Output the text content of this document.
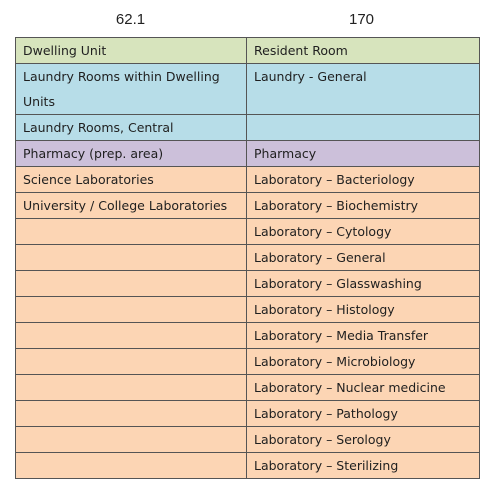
62.1	170
Dwelling Unit	Resident Room
Laundry Rooms within Dwelling Units	Laundry - General
Laundry Rooms, Central	
Pharmacy (prep. area)	Pharmacy
Science Laboratories	Laboratory – Bacteriology
University / College Laboratories	Laboratory – Biochemistry
	Laboratory – Cytology
	Laboratory – General
	Laboratory – Glasswashing
	Laboratory – Histology
	Laboratory – Media Transfer
	Laboratory – Microbiology
	Laboratory – Nuclear medicine
	Laboratory – Pathology
	Laboratory – Serology
	Laboratory – Sterilizing
